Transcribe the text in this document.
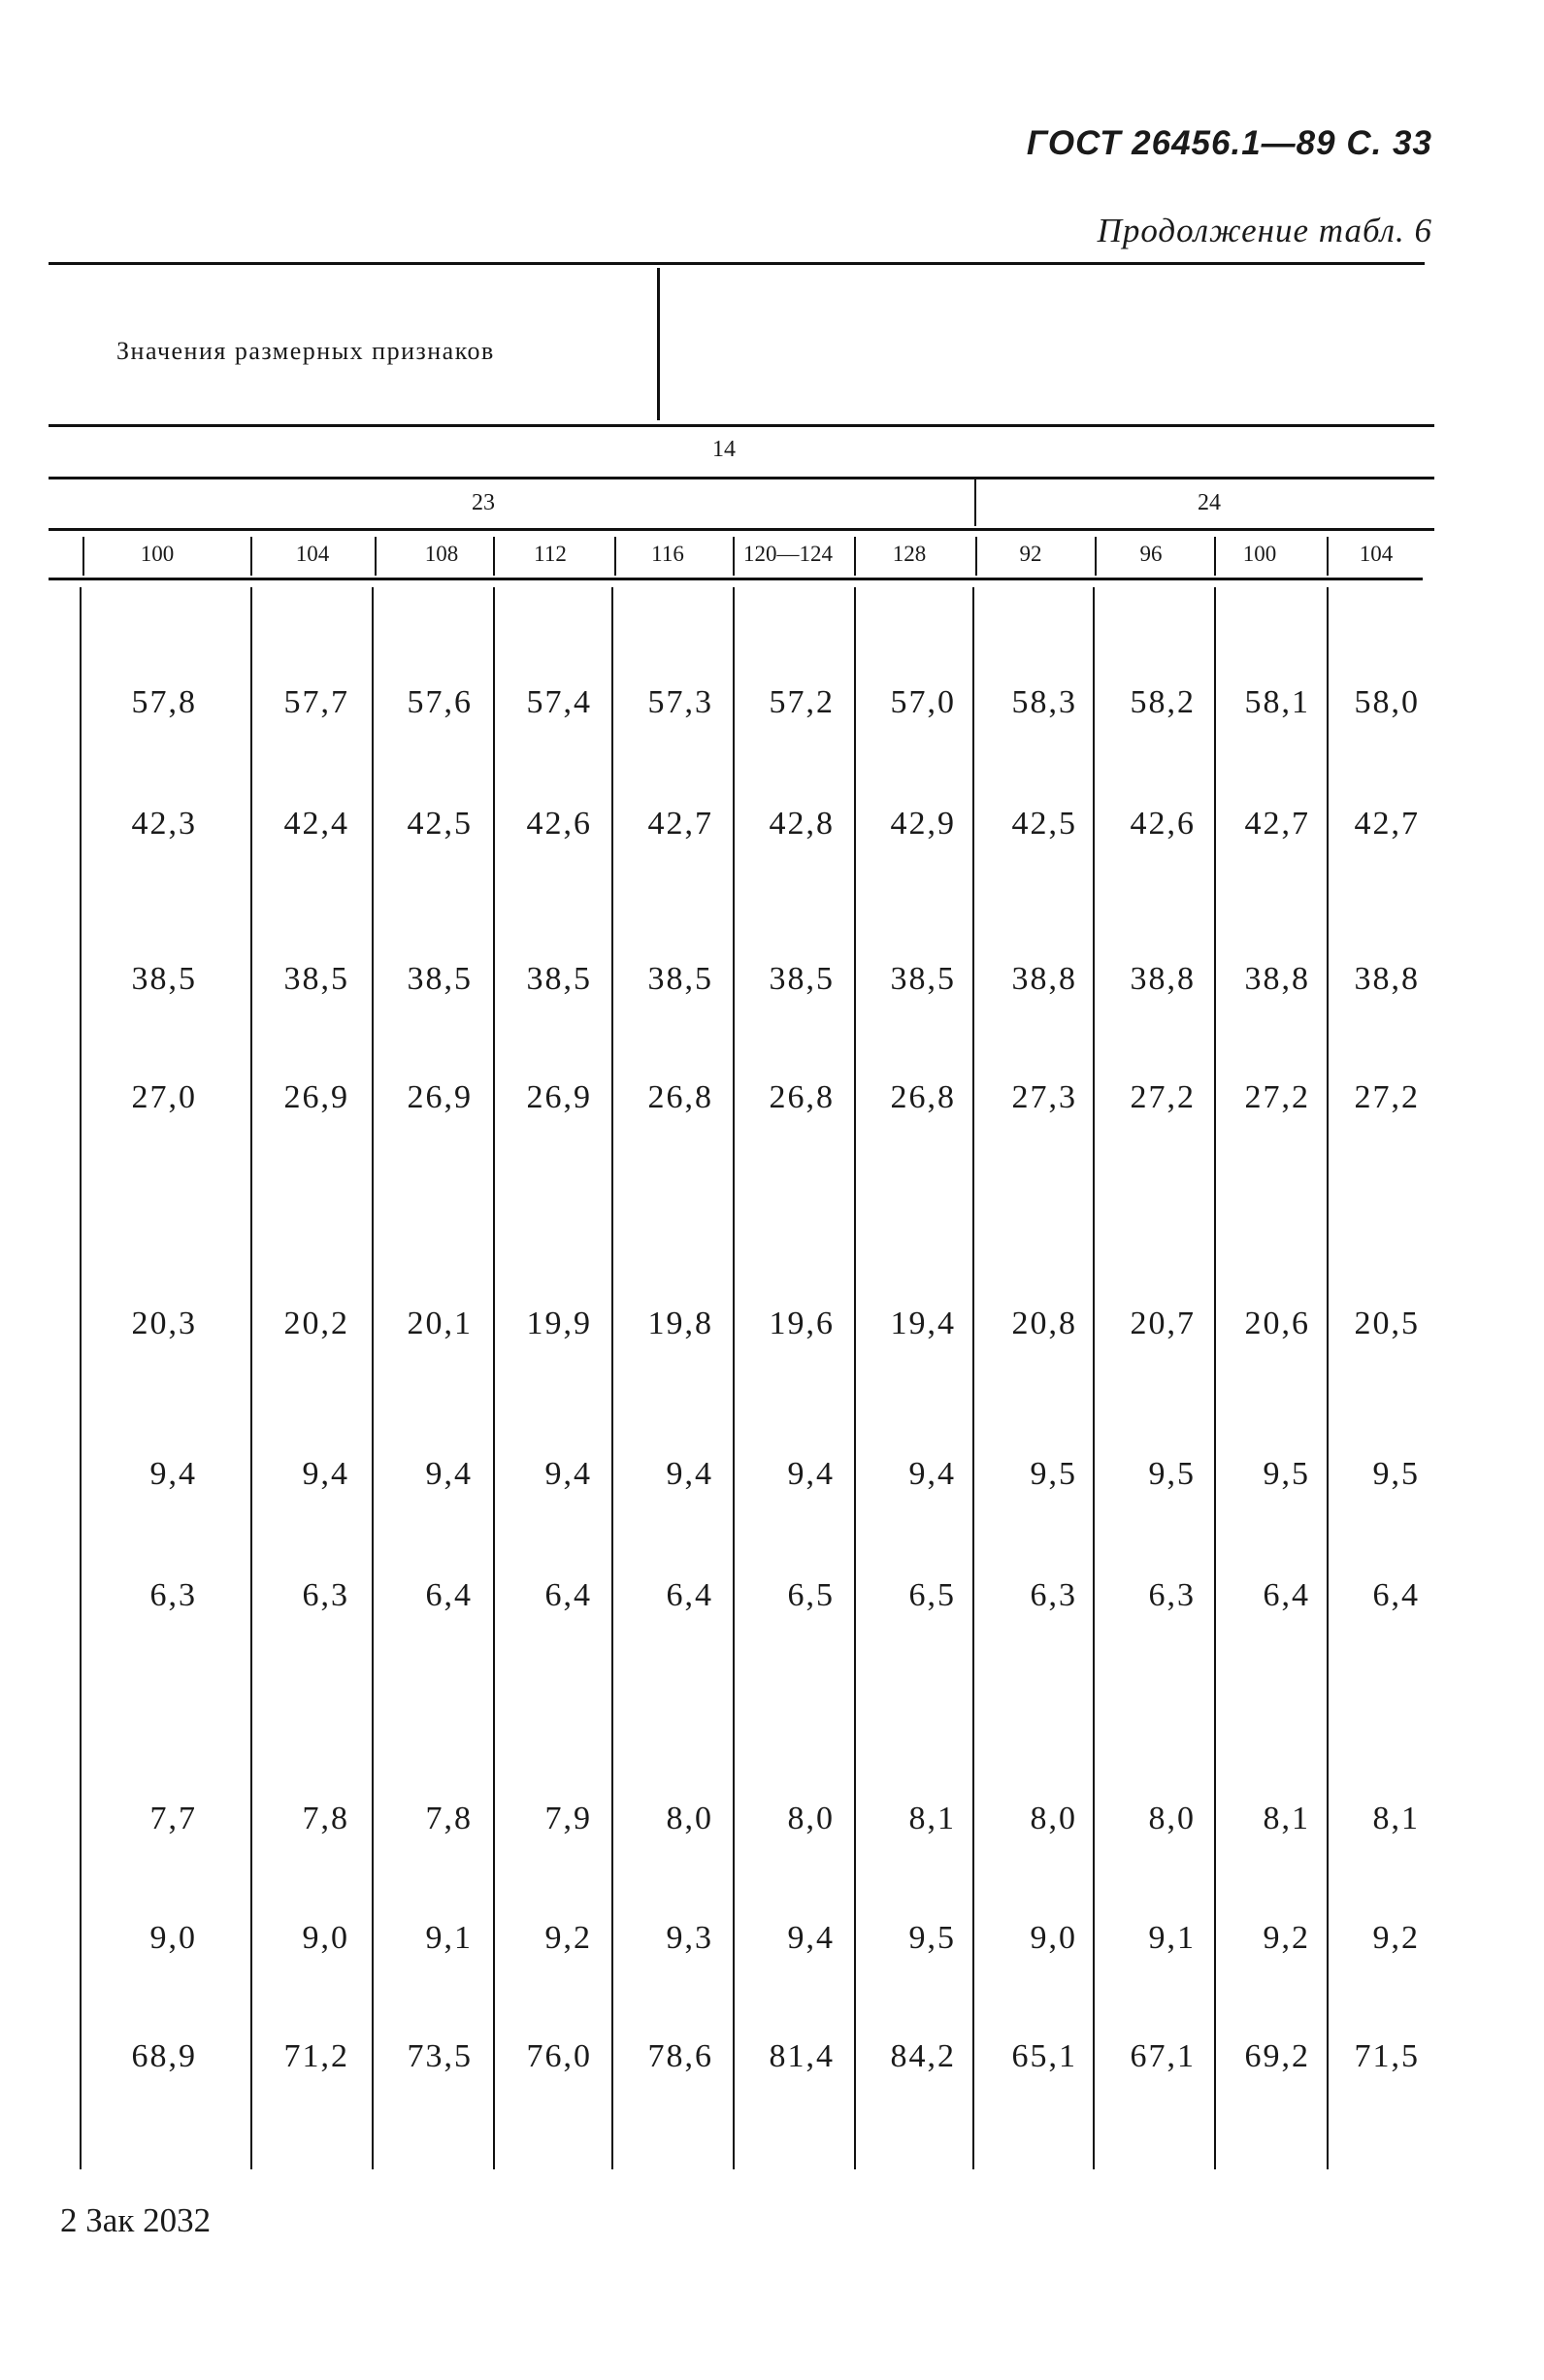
ГОСТ 26456.1—89 С. 33
Продолжение табл. 6
Значения размерных признаков
14
23	24
100	104	108	112	116	120—124	128	92	96	100	104
57,8	57,7	57,6	57,4	57,3	57,2	57,0	58,3	58,2	58,1	58,0
42,3	42,4	42,5	42,6	42,7	42,8	42,9	42,5	42,6	42,7	42,7
38,5	38,5	38,5	38,5	38,5	38,5	38,5	38,8	38,8	38,8	38,8
27,0	26,9	26,9	26,9	26,8	26,8	26,8	27,3	27,2	27,2	27,2
20,3	20,2	20,1	19,9	19,8	19,6	19,4	20,8	20,7	20,6	20,5
9,4	9,4	9,4	9,4	9,4	9,4	9,4	9,5	9,5	9,5	9,5
6,3	6,3	6,4	6,4	6,4	6,5	6,5	6,3	6,3	6,4	6,4
7,7	7,8	7,8	7,9	8,0	8,0	8,1	8,0	8,0	8,1	8,1
9,0	9,0	9,1	9,2	9,3	9,4	9,5	9,0	9,1	9,2	9,2
68,9	71,2	73,5	76,0	78,6	81,4	84,2	65,1	67,1	69,2	71,5
2 Зак 2032
